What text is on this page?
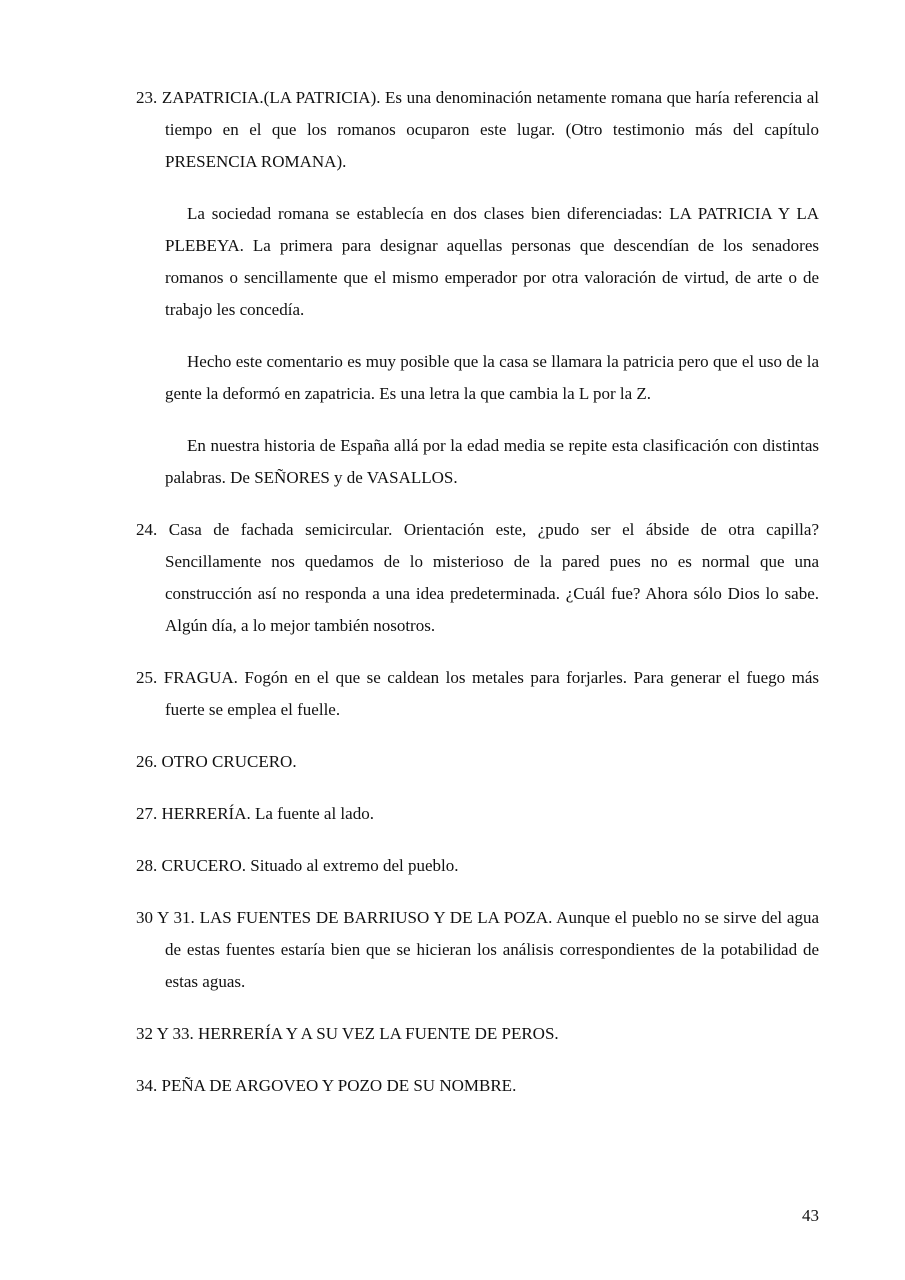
23. ZAPATRICIA.(LA PATRICIA). Es una denominación netamente romana que haría referencia al tiempo en el que los romanos ocuparon este lugar. (Otro testimonio más del capítulo PRESENCIA ROMANA).

La sociedad romana se establecía en dos clases bien diferenciadas: LA PATRICIA Y LA PLEBEYA. La primera para designar aquellas personas que descendían de los senadores romanos o sencillamente que el mismo emperador por otra valoración de virtud, de arte o de trabajo les concedía.

Hecho este comentario es muy posible que la casa se llamara la patricia pero que el uso de la gente la deformó en zapatricia. Es una letra la que cambia la L por la Z.

En nuestra historia de España allá por la edad media se repite esta clasificación con distintas palabras. De SEÑORES y de VASALLOS.

24. Casa de fachada semicircular. Orientación este, ¿pudo ser el ábside de otra capilla? Sencillamente nos quedamos de lo misterioso de la pared pues no es normal que una construcción así no responda a una idea predeterminada. ¿Cuál fue? Ahora sólo Dios lo sabe. Algún día, a lo mejor también nosotros.

25. FRAGUA. Fogón en el que se caldean los metales para forjarles. Para generar el fuego más fuerte se emplea el fuelle.

26. OTRO CRUCERO.

27. HERRERÍA. La fuente al lado.

28. CRUCERO. Situado al extremo del pueblo.

30 Y 31. LAS FUENTES DE BARRIUSO Y DE LA POZA. Aunque el pueblo no se sirve del agua de estas fuentes estaría bien que se hicieran los análisis correspondientes de la potabilidad de estas aguas.

32 Y 33. HERRERÍA Y A SU VEZ LA FUENTE DE PEROS.

34. PEÑA DE ARGOVEO Y POZO DE SU NOMBRE.

43
